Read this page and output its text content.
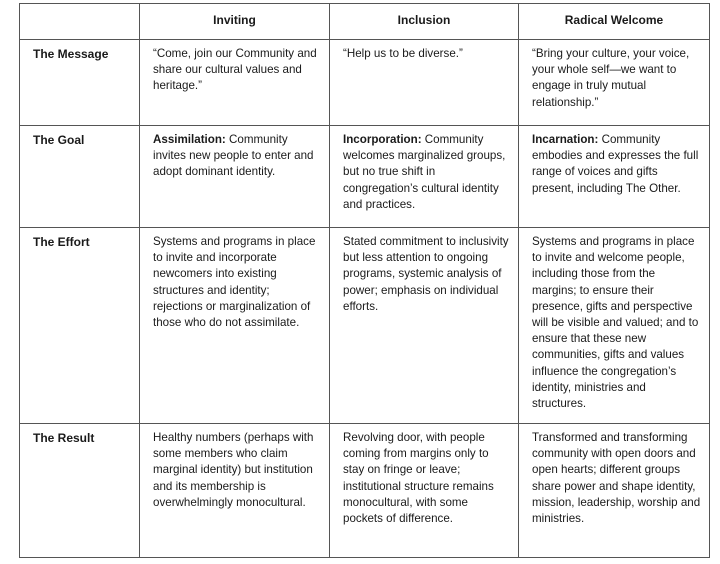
	Inviting	Inclusion	Radical Welcome
The Message	“Come, join our Community and share our cultural values and heritage.”	“Help us to be diverse.”	“Bring your culture, your voice, your whole self—we want to engage in truly mutual relationship.”
The Goal	Assimilation: Community invites new people to enter and adopt dominant identity.	Incorporation: Community welcomes marginalized groups, but no true shift in congregation’s cultural identity and practices.	Incarnation: Community embodies and expresses the full range of voices and gifts present, including The Other.
The Effort	Systems and programs in place to invite and incorporate newcomers into existing structures and identity; rejections or marginalization of those who do not assimilate.	Stated commitment to inclusivity but less attention to ongoing programs, systemic analysis of power; emphasis on individual efforts.	Systems and programs in place to invite and welcome people, including those from the margins; to ensure their presence, gifts and perspective will be visible and valued; and to ensure that these new communities, gifts and values influence the congregation’s identity, ministries and structures.
The Result	Healthy numbers (perhaps with some members who claim marginal identity) but institution and its membership is overwhelmingly monocultural.	Revolving door, with people coming from margins only to stay on fringe or leave; institutional structure remains monocultural, with some pockets of difference.	Transformed and transforming community with open doors and open hearts; different groups share power and shape identity, mission, leadership, worship and ministries.
